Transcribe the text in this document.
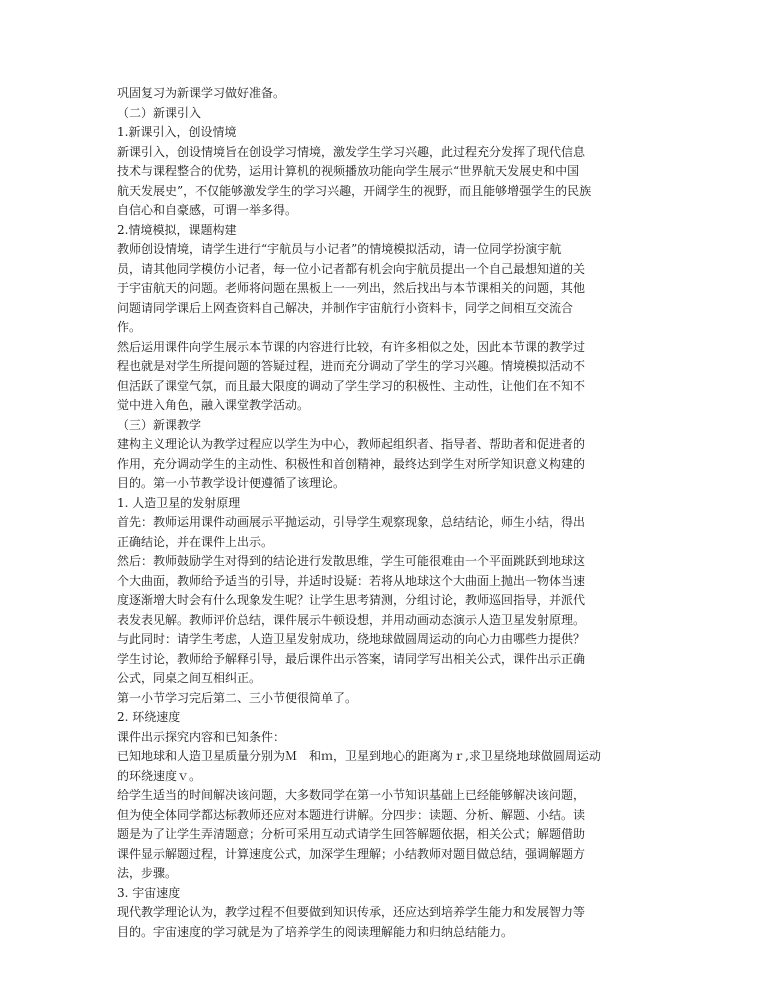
巩固复习为新课学习做好准备。
（二）新课引入
1.新课引入，创设情境
新课引入，创设情境旨在创设学习情境，激发学生学习兴趣，此过程充分发挥了现代信息
技术与课程整合的优势，运用计算机的视频播放功能向学生展示“世界航天发展史和中国
航天发展史”，不仅能够激发学生的学习兴趣，开阔学生的视野，而且能够增强学生的民族
自信心和自豪感，可谓一举多得。
2.情境模拟，课题构建
教师创设情境，请学生进行“宇航员与小记者”的情境模拟活动，请一位同学扮演宇航
员，请其他同学模仿小记者，每一位小记者都有机会向宇航员提出一个自己最想知道的关
于宇宙航天的问题。老师将问题在黑板上一一列出，然后找出与本节课相关的问题，其他
问题请同学课后上网查资料自己解决，并制作宇宙航行小资料卡，同学之间相互交流合
作。
然后运用课件向学生展示本节课的内容进行比较，有许多相似之处，因此本节课的教学过
程也就是对学生所提问题的答疑过程，进而充分调动了学生的学习兴趣。情境模拟活动不
但活跃了课堂气氛，而且最大限度的调动了学生学习的积极性、主动性，让他们在不知不
觉中进入角色，融入课堂教学活动。
（三）新课教学
建构主义理论认为教学过程应以学生为中心，教师起组织者、指导者、帮助者和促进者的
作用，充分调动学生的主动性、积极性和首创精神，最终达到学生对所学知识意义构建的
目的。第一小节教学设计便遵循了该理论。
1. 人造卫星的发射原理
首先：教师运用课件动画展示平抛运动，引导学生观察现象，总结结论，师生小结，得出
正确结论，并在课件上出示。
然后：教师鼓励学生对得到的结论进行发散思维，学生可能很难由一个平面跳跃到地球这
个大曲面，教师给予适当的引导，并适时设疑：若将从地球这个大曲面上抛出一物体当速
度逐渐增大时会有什么现象发生呢？让学生思考猜测，分组讨论，教师巡回指导，并派代
表发表见解。教师评价总结，课件展示牛顿设想，并用动画动态演示人造卫星发射原理。
与此同时：请学生考虑，人造卫星发射成功，绕地球做圆周运动的向心力由哪些力提供？
学生讨论，教师给予解释引导，最后课件出示答案，请同学写出相关公式，课件出示正确
公式，同桌之间互相纠正。
第一小节学习完后第二、三小节便很简单了。
2. 环绕速度
课件出示探究内容和已知条件：
已知地球和人造卫星质量分别为Ｍ　和ｍ，卫星到地心的距离为ｒ,求卫星绕地球做圆周运动
的环绕速度ｖ。
给学生适当的时间解决该问题，大多数同学在第一小节知识基础上已经能够解决该问题，
但为使全体同学都达标教师还应对本题进行讲解。分四步：读题、分析、解题、小结。读
题是为了让学生弄清题意；分析可采用互动式请学生回答解题依据，相关公式；解题借助
课件显示解题过程，计算速度公式，加深学生理解；小结教师对题目做总结，强调解题方
法，步骤。
3. 宇宙速度
现代教学理论认为，教学过程不但要做到知识传承，还应达到培养学生能力和发展智力等
目的。宇宙速度的学习就是为了培养学生的阅读理解能力和归纳总结能力。
